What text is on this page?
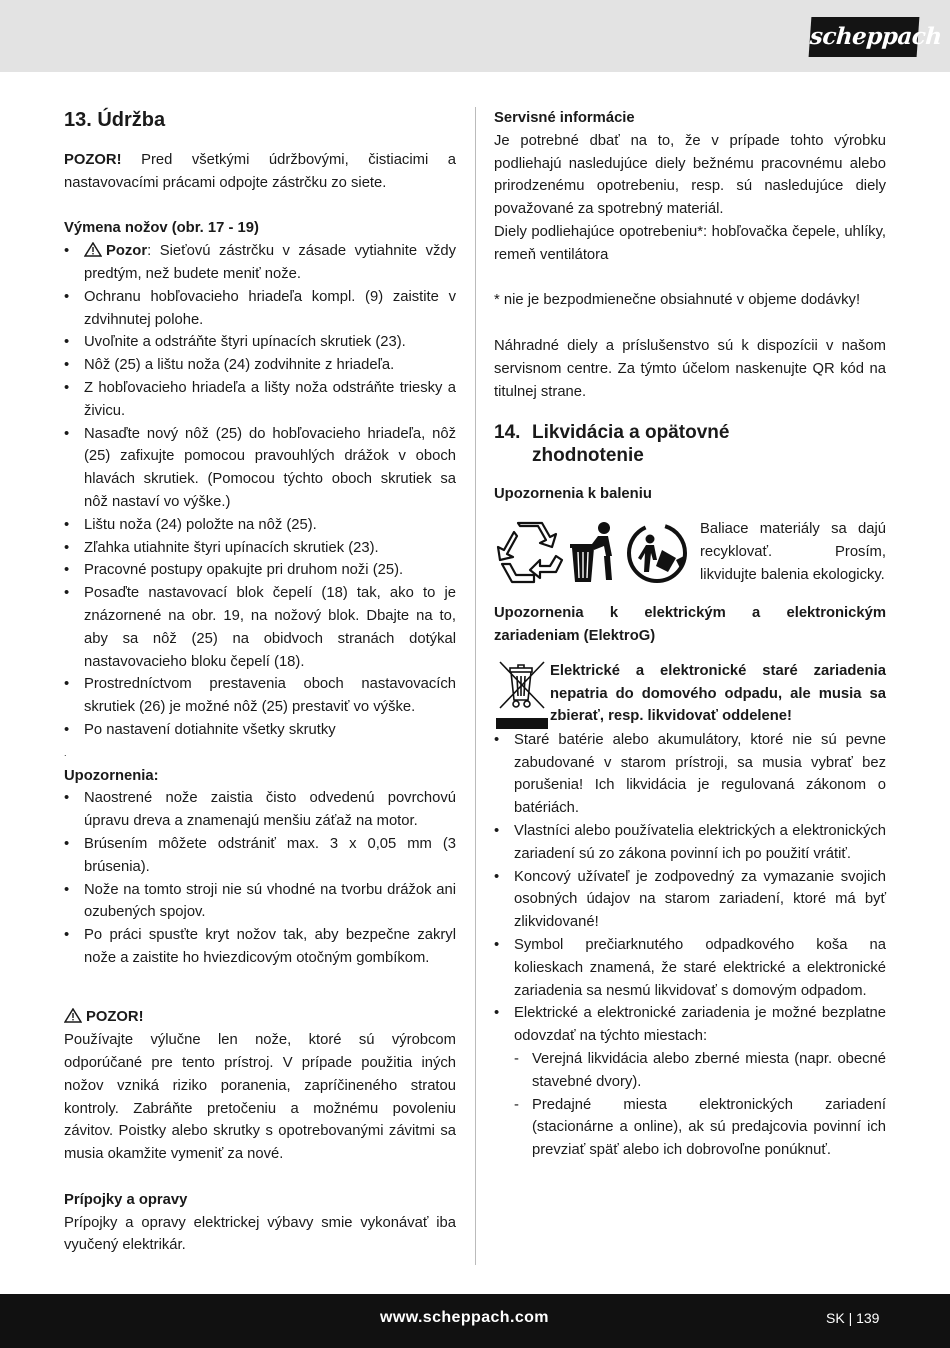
scheppach
13. Údržba

POZOR! Pred všetkými údržbovými, čistiacimi a nastavovacími prácami odpojte zástrčku zo siete.

Výmena nožov (obr. 17 - 19)
• Pozor: Sieťovú zástrčku v zásade vytiahnite vždy predtým, než budete meniť nože.
• Ochranu hobľovacieho hriadeľa kompl. (9) zaistite v zdvihnutej polohe.
• Uvoľnite a odstráňte štyri upínacích skrutiek (23).
• Nôž (25) a lištu noža (24) zodvihnite z hriadeľa.
• Z hobľovacieho hriadeľa a lišty noža odstráňte triesky a živicu.
• Nasaďte nový nôž (25) do hobľovacieho hriadeľa, nôž (25) zafixujte pomocou pravouhlých drážok v oboch hlavách skrutiek. (Pomocou týchto oboch skrutiek sa nôž nastaví vo výške.)
• Lištu noža (24) položte na nôž (25).
• Zľahka utiahnite štyri upínacích skrutiek (23).
• Pracovné postupy opakujte pri druhom noži (25).
• Posaďte nastavovací blok čepelí (18) tak, ako to je znázornené na obr. 19, na nožový blok. Dbajte na to, aby sa nôž (25) na obidvoch stranách dotýkal nastavovacieho bloku čepelí (18).
• Prostredníctvom prestavenia oboch nastavovacích skrutiek (26) je možné nôž (25) prestaviť vo výške.
• Po nastavení dotiahnite všetky skrutky
.
Upozornenia:
• Naostrené nože zaistia čisto odvedenú povrchovú úpravu dreva a znamenajú menšiu záťaž na motor.
• Brúsením môžete odstrániť max. 3 x 0,05 mm (3 brúsenia).
• Nože na tomto stroji nie sú vhodné na tvorbu drážok ani ozubených spojov.
• Po práci spusťte kryt nožov tak, aby bezpečne zakryl nože a zaistite ho hviezdicovým otočným gombíkom.
POZOR!

Používajte výlučne len nože, ktoré sú výrobcom odporúčané pre tento prístroj. V prípade použitia iných nožov vzniká riziko poranenia, zapríčineného stratou kontroly. Zabráňte pretočeniu a možnému povoleniu závitov. Poistky alebo skrutky s opotrebovanými závitmi sa musia okamžite vymeniť za nové.

Prípojky a opravy

Prípojky a opravy elektrickej výbavy smie vykonávať iba vyučený elektrikár.

Servisné informácie

Je potrebné dbať na to, že v prípade tohto výrobku podliehajú nasledujúce diely bežnému pracovnému alebo prirodzenému opotrebeniu, resp. sú nasledujúce diely považované za spotrebný materiál.

Diely podliehajúce opotrebeniu*: hobľovačka čepele, uhlíky, remeň ventilátora

* nie je bezpodmienečne obsiahnuté v objeme dodávky!

Náhradné diely a príslušenstvo sú k dispozícii v našom servisnom centre. Za týmto účelom naskenujte QR kód na titulnej strane.

14. Likvidácia a opätovné
zhodnotenie
Upozornenia k baleniu

Baliace materiály sa dajú recyklovať. Prosím, likvidujte balenia ekologicky.

Upozornenia k elektrickým a elektronickým zariadeniam (ElektroG)

Elektrické a elektronické staré zariadenia nepatria do domového odpadu, ale musia sa zbierať, resp. likvidovať oddelene!

• Staré batérie alebo akumulátory, ktoré nie sú pevne zabudované v starom prístroji, sa musia vybrať bez porušenia! Ich likvidácia je regulovaná zákonom o batériách.
• Vlastníci alebo používatelia elektrických a elektronických zariadení sú zo zákona povinní ich po použití vrátiť.
• Koncový užívateľ je zodpovedný za vymazanie svojich osobných údajov na starom zariadení, ktoré má byť zlikvidované!
• Symbol prečiarknutého odpadkového koša na kolieskach znamená, že staré elektrické a elektronické zariadenia sa nesmú likvidovať s domovým odpadom.
• Elektrické a elektronické zariadenia je možné bezplatne odovzdať na týchto miestach:
- Verejná likvidácia alebo zberné miesta (napr. obecné stavebné dvory).
- Predajné miesta elektronických zariadení (stacionárne a online), ak sú predajcovia povinní ich prevziať späť alebo ich dobrovoľne ponúknuť.
www.scheppach.com	SK | 139
